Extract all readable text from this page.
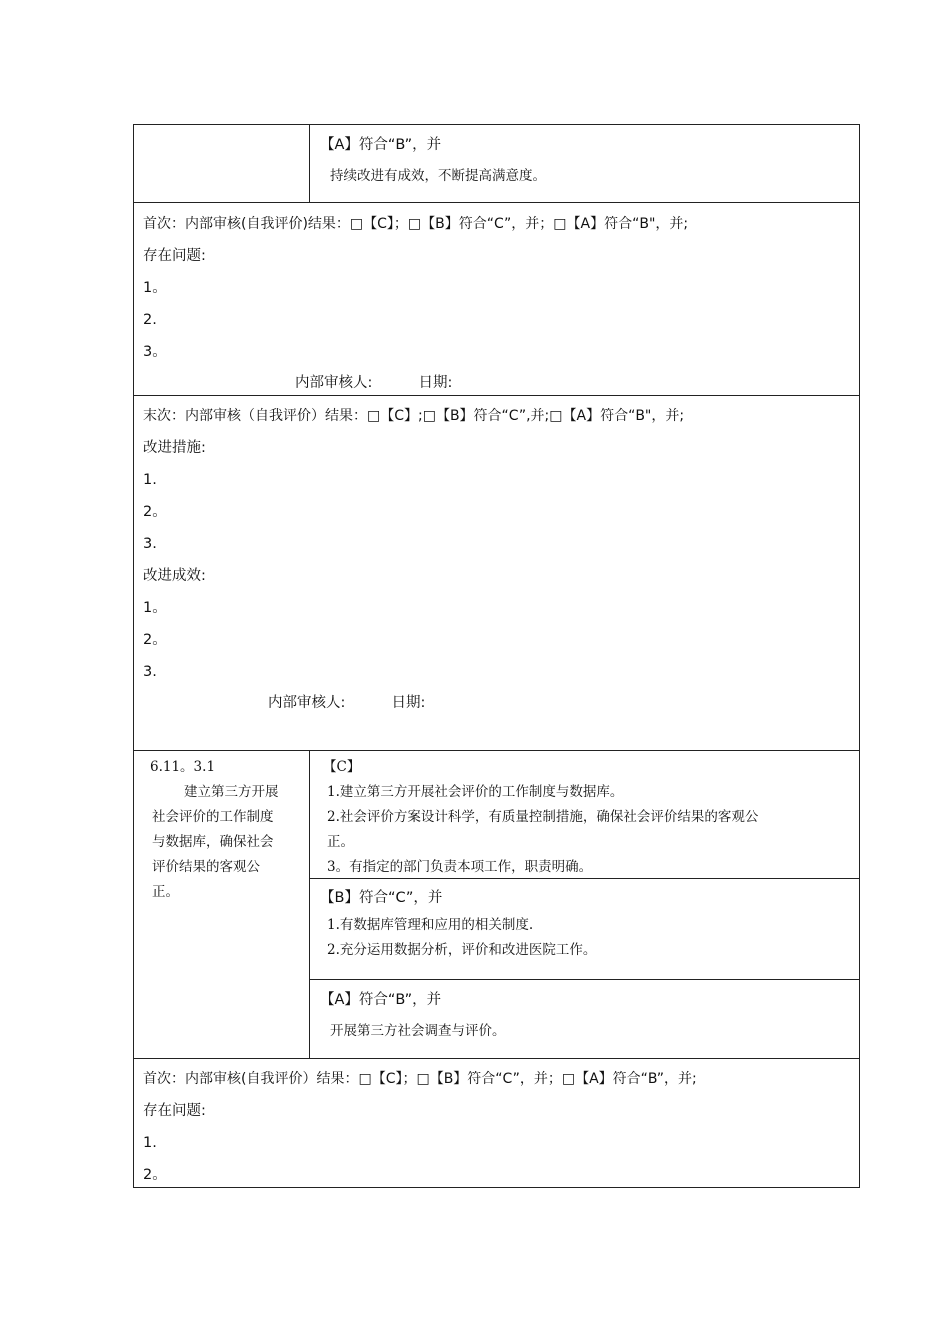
【A】符合“B”，并
持续改进有成效，不断提高满意度。
首次：内部审核(自我评价)结果：□【C】；□【B】符合“C”，并；□【A】符合“B"，并;
存在问题:
1。
2.
3。
内部审核人:          日期:
末次：内部审核（自我评价）结果：□【C】;□【B】符合“C”,并;□【A】符合“B"，并;
改进措施:
1.
2。
3.
改进成效:
1。
2。
3.
内部审核人:          日期:
6.11。3.1
建立第三方开展
社会评价的工作制度
与数据库，确保社会
评价结果的客观公
正。
【C】
1.建立第三方开展社会评价的工作制度与数据库。
2.社会评价方案设计科学，有质量控制措施，确保社会评价结果的客观公
正。
3。有指定的部门负责本项工作，职责明确。
【B】符合“C”，并
1.有数据库管理和应用的相关制度.
2.充分运用数据分析，评价和改进医院工作。
【A】符合“B”，并
开展第三方社会调查与评价。
首次：内部审核(自我评价）结果：□【C】；□【B】符合“C”，并；□【A】符合“B”，并;
存在问题:
1.
2。
